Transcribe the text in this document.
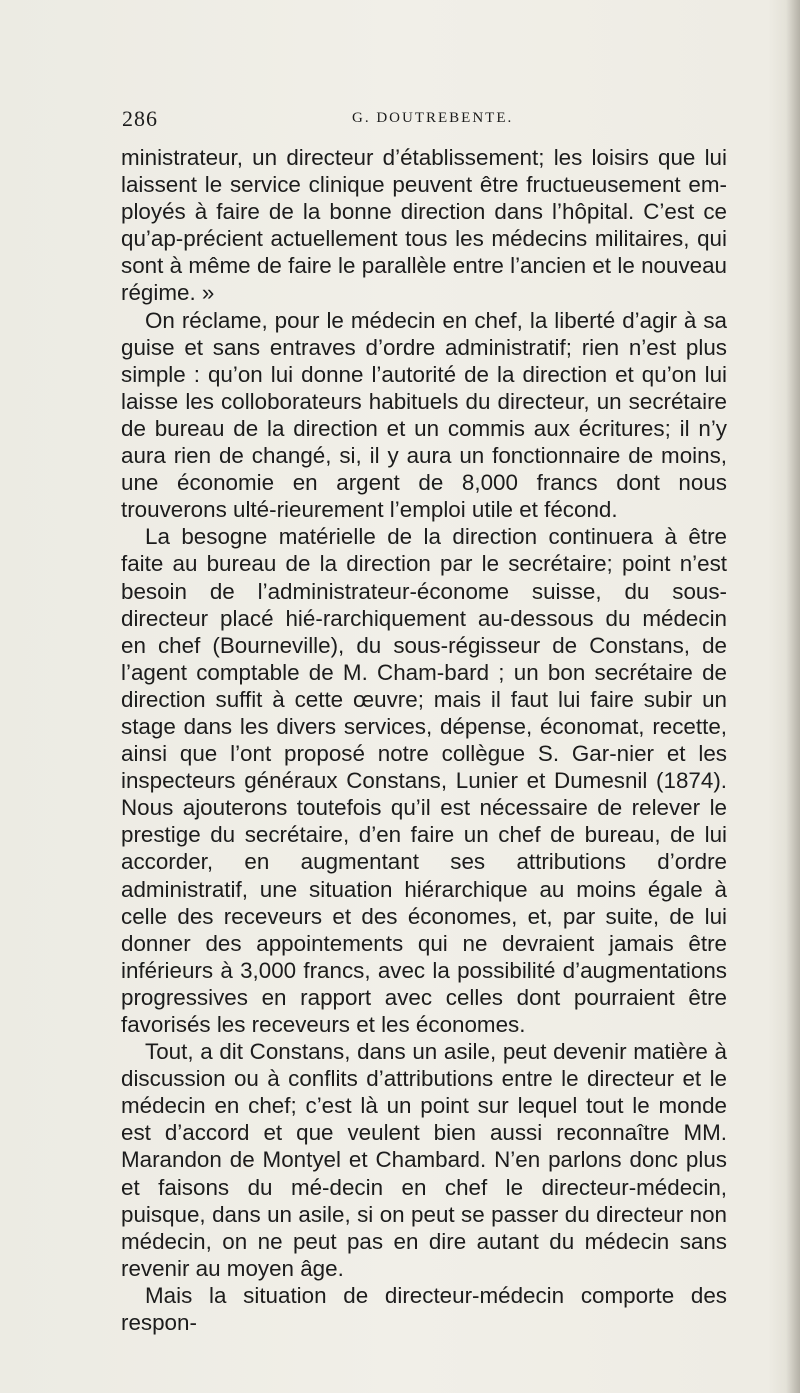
286	G. DOUTREBENTE.

ministrateur, un directeur d’établissement; les loisirs que lui laissent le service clinique peuvent être fructueusement em-ployés à faire de la bonne direction dans l’hôpital. C’est ce qu’ap-précient actuellement tous les médecins militaires, qui sont à même de faire le parallèle entre l’ancien et le nouveau régime. »

On réclame, pour le médecin en chef, la liberté d’agir à sa guise et sans entraves d’ordre administratif; rien n’est plus simple : qu’on lui donne l’autorité de la direction et qu’on lui laisse les colloborateurs habituels du directeur, un secrétaire de bureau de la direction et un commis aux écritures; il n’y aura rien de changé, si, il y aura un fonctionnaire de moins, une économie en argent de 8,000 francs dont nous trouverons ulté-rieurement l’emploi utile et fécond.

La besogne matérielle de la direction continuera à être faite au bureau de la direction par le secrétaire; point n’est besoin de l’administrateur-économe suisse, du sous-directeur placé hié-rarchiquement au-dessous du médecin en chef (Bourneville), du sous-régisseur de Constans, de l’agent comptable de M. Cham-bard ; un bon secrétaire de direction suffit à cette œuvre; mais il faut lui faire subir un stage dans les divers services, dépense, économat, recette, ainsi que l’ont proposé notre collègue S. Gar-nier et les inspecteurs généraux Constans, Lunier et Dumesnil (1874). Nous ajouterons toutefois qu’il est nécessaire de relever le prestige du secrétaire, d’en faire un chef de bureau, de lui accorder, en augmentant ses attributions d’ordre administratif, une situation hiérarchique au moins égale à celle des receveurs et des économes, et, par suite, de lui donner des appointements qui ne devraient jamais être inférieurs à 3,000 francs, avec la possibilité d’augmentations progressives en rapport avec celles dont pourraient être favorisés les receveurs et les économes.

Tout, a dit Constans, dans un asile, peut devenir matière à discussion ou à conflits d’attributions entre le directeur et le médecin en chef; c’est là un point sur lequel tout le monde est d’accord et que veulent bien aussi reconnaître MM. Marandon de Montyel et Chambard. N’en parlons donc plus et faisons du mé-decin en chef le directeur-médecin, puisque, dans un asile, si on peut se passer du directeur non médecin, on ne peut pas en dire autant du médecin sans revenir au moyen âge.

Mais la situation de directeur-médecin comporte des respon-
